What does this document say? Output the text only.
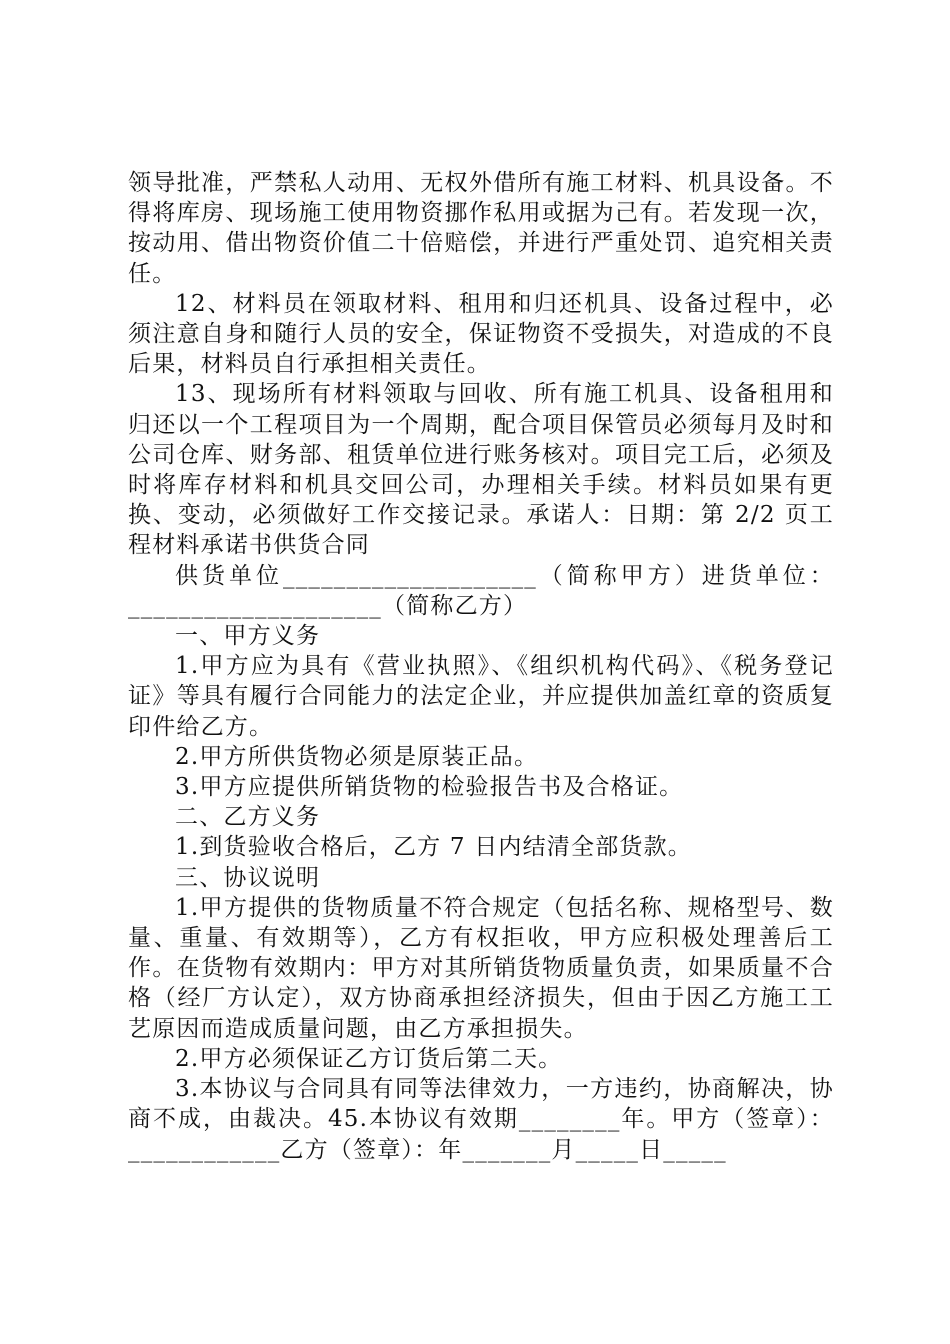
领导批准，严禁私人动用、无权外借所有施工材料、机具设备。不得将库房、现场施工使用物资挪作私用或据为己有。若发现一次，按动用、借出物资价值二十倍赔偿，并进行严重处罚、追究相关责任。

12、材料员在领取材料、租用和归还机具、设备过程中，必须注意自身和随行人员的安全，保证物资不受损失，对造成的不良后果，材料员自行承担相关责任。

13、现场所有材料领取与回收、所有施工机具、设备租用和归还以一个工程项目为一个周期，配合项目保管员必须每月及时和公司仓库、财务部、租赁单位进行账务核对。项目完工后，必须及时将库存材料和机具交回公司，办理相关手续。材料员如果有更换、变动，必须做好工作交接记录。承诺人：日期：第 2/2 页工程材料承诺书供货合同

供货单位____________________（简称甲方）进货单位：____________________（简称乙方）

一、甲方义务

1.甲方应为具有《营业执照》、《组织机构代码》、《税务登记证》等具有履行合同能力的法定企业，并应提供加盖红章的资质复印件给乙方。

2.甲方所供货物必须是原装正品。

3.甲方应提供所销货物的检验报告书及合格证。

二、乙方义务

1.到货验收合格后，乙方 7 日内结清全部货款。

三、协议说明

1.甲方提供的货物质量不符合规定（包括名称、规格型号、数量、重量、有效期等），乙方有权拒收，甲方应积极处理善后工作。在货物有效期内：甲方对其所销货物质量负责，如果质量不合格（经厂方认定），双方协商承担经济损失，但由于因乙方施工工艺原因而造成质量问题，由乙方承担损失。

2.甲方必须保证乙方订货后第二天。

3.本协议与合同具有同等法律效力，一方违约，协商解决，协商不成，由裁决。45.本协议有效期________年。甲方（签章）：____________乙方（签章）：年_______月_____日_____
